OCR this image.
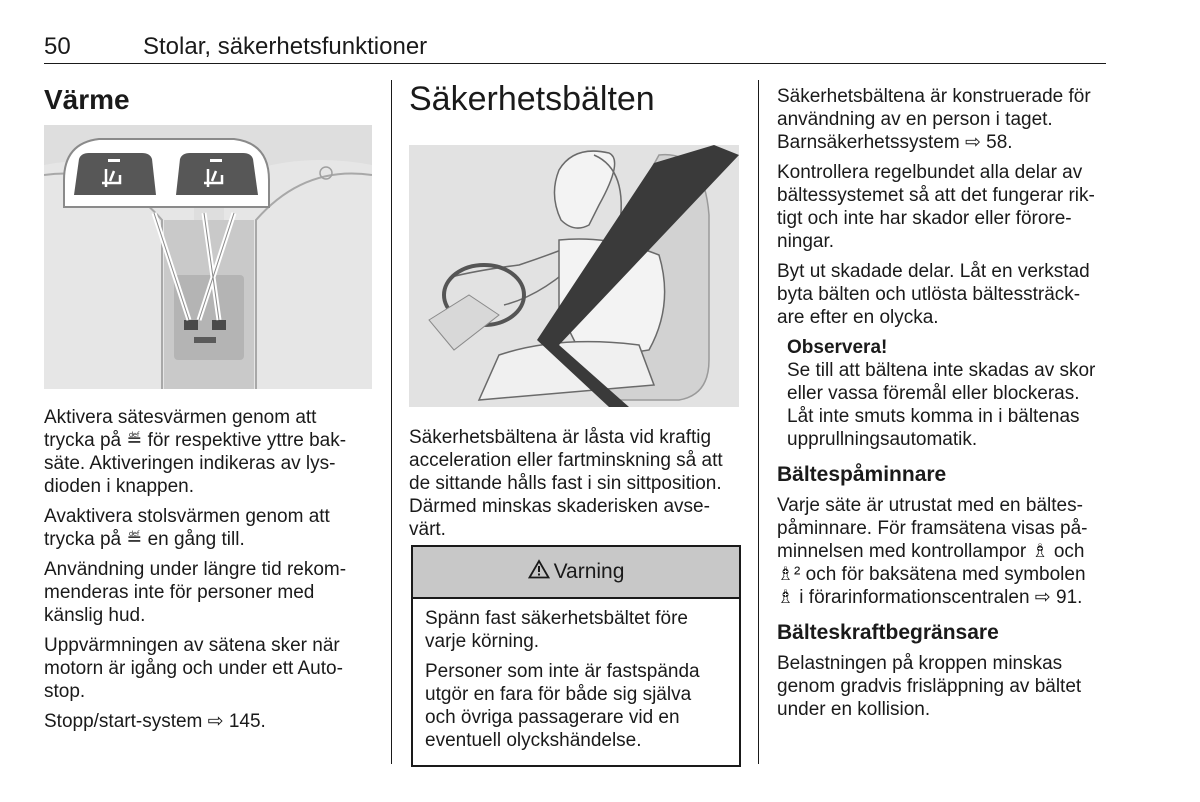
50	Stolar, säkerhetsfunktioner
Värme

Aktivera sätesvärmen genom att trycka på ≝ för respektive yttre bak-säte. Aktiveringen indikeras av lys-dioden i knappen.

Avaktivera stolsvärmen genom att trycka på ≝ en gång till.

Användning under längre tid rekom-menderas inte för personer med känslig hud.

Uppvärmningen av sätena sker när motorn är igång och under ett Auto-stop.

Stopp/start-system ⇨ 145.

Säkerhetsbälten

Säkerhetsbältena är låsta vid kraftig acceleration eller fartminskning så att de sittande hålls fast i sin sittposition. Därmed minskas skaderisken avse-värt.

Varning

Spänn fast säkerhetsbältet före varje körning.

Personer som inte är fastspända utgör en fara för både sig själva och övriga passagerare vid en eventuell olyckshändelse.

Säkerhetsbältena är konstruerade för användning av en person i taget. Barnsäkerhetssystem ⇨ 58.

Kontrollera regelbundet alla delar av bältessystemet så att det fungerar rik-tigt och inte har skador eller förore-ningar.

Byt ut skadade delar. Låt en verkstad byta bälten och utlösta bältessträck-are efter en olycka.

Observera!
Se till att bältena inte skadas av skor eller vassa föremål eller blockeras. Låt inte smuts komma in i bältenas upprullningsautomatik.
Bältespåminnare

Varje säte är utrustat med en bältes-påminnare. För framsätena visas på-minnelsen med kontrollampor ♗ och ♗² och för baksätena med symbolen ♗ i förarinformationscentralen ⇨ 91.

Bälteskraftbegränsare

Belastningen på kroppen minskas genom gradvis frisläppning av bältet under en kollision.
